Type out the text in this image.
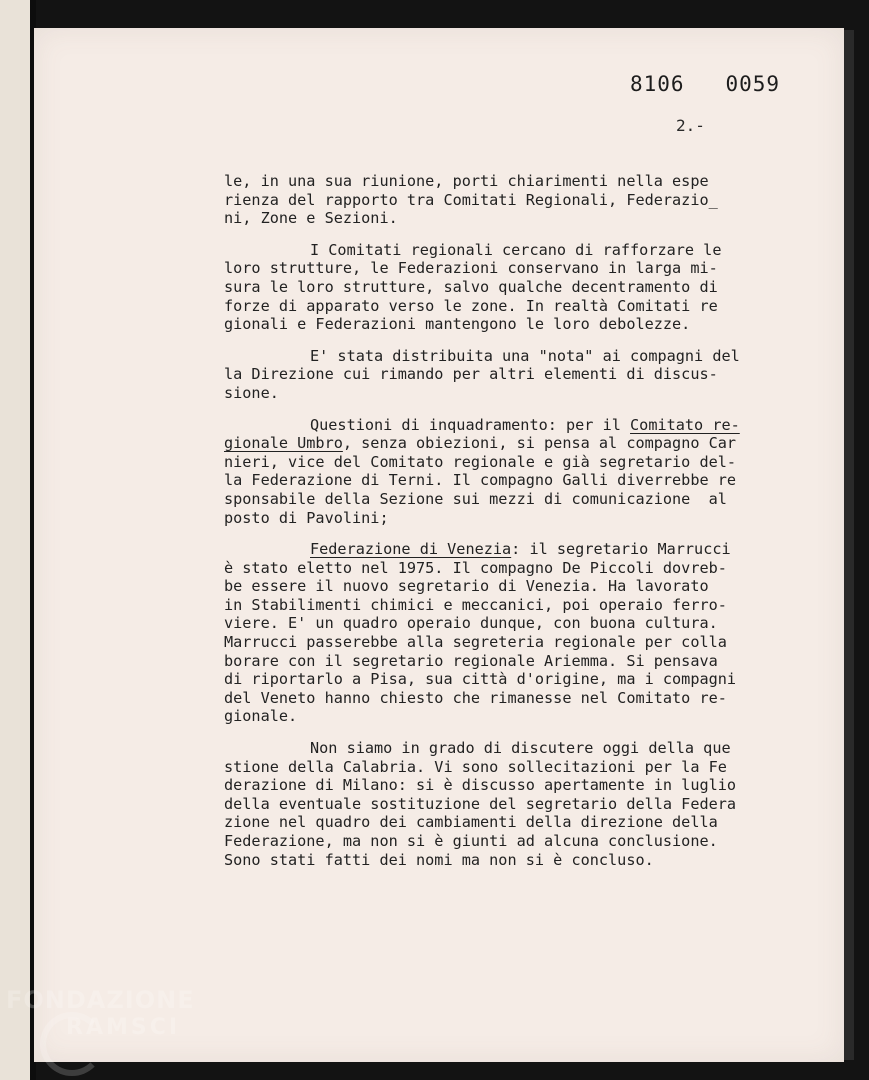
8106   0059
2.-

le, in una sua riunione, porti chiarimenti nella espe
rienza del rapporto tra Comitati Regionali, Federazio_
ni, Zone e Sezioni.

I Comitati regionali cercano di rafforzare le
loro strutture, le Federazioni conservano in larga mi-
sura le loro strutture, salvo qualche decentramento di
forze di apparato verso le zone. In realtà Comitati re
gionali e Federazioni mantengono le loro debolezze.

E' stata distribuita una "nota" ai compagni del
la Direzione cui rimando per altri elementi di discus-
sione.

Questioni di inquadramento: per il Comitato re-
gionale Umbro, senza obiezioni, si pensa al compagno Car
nieri, vice del Comitato regionale e già segretario del-
la Federazione di Terni. Il compagno Galli diverrebbe re
sponsabile della Sezione sui mezzi di comunicazione  al
posto di Pavolini;

Federazione di Venezia: il segretario Marrucci
è stato eletto nel 1975. Il compagno De Piccoli dovreb-
be essere il nuovo segretario di Venezia. Ha lavorato
in Stabilimenti chimici e meccanici, poi operaio ferro-
viere. E' un quadro operaio dunque, con buona cultura.
Marrucci passerebbe alla segreteria regionale per colla
borare con il segretario regionale Ariemma. Si pensava
di riportarlo a Pisa, sua città d'origine, ma i compagni
del Veneto hanno chiesto che rimanesse nel Comitato re-
gionale.

Non siamo in grado di discutere oggi della que
stione della Calabria. Vi sono sollecitazioni per la Fe
derazione di Milano: si è discusso apertamente in luglio
della eventuale sostituzione del segretario della Federa
zione nel quadro dei cambiamenti della direzione della
Federazione, ma non si è giunti ad alcuna conclusione.
Sono stati fatti dei nomi ma non si è concluso.

FONDAZIONE
RAMSCI
